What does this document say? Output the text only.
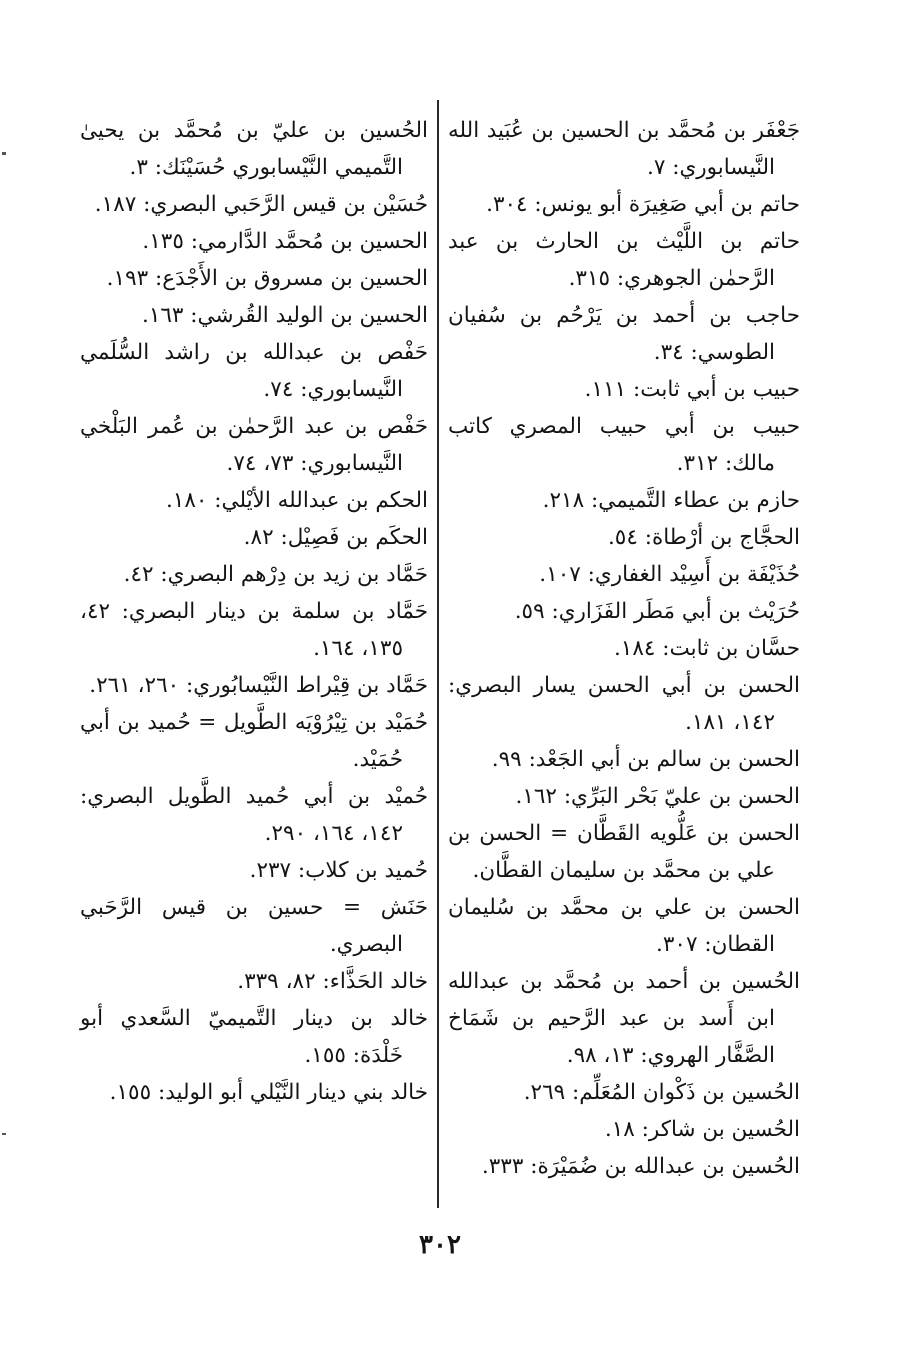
جَعْفَر بن مُحمَّد بن الحسين بن عُبَيد الله النَّيسابوري: ٧.

حاتم بن أبي صَغِيرَة أبو يونس: ٣٠٤.

حاتم بن اللَّيْث بن الحارث بن عبد الرَّحمٰن الجوهري: ٣١٥.

حاجب بن أحمد بن يَرْحُم بن سُفيان الطوسي: ٣٤.

حبيب بن أبي ثابت: ١١١.

حبيب بن أبي حبيب المصري كاتب مالك: ٣١٢.

حازم بن عطاء التَّميمي: ٢١٨.

الحجَّاج بن أرْطاة: ٥٤.

حُذَيْفَة بن أَسِيْد الغفاري: ١٠٧.

حُرَيْث بن أبي مَطَر الفَزَاري: ٥٩.

حسَّان بن ثابت: ١٨٤.

الحسن بن أبي الحسن يسار البصري: ١٤٢، ١٨١.

الحسن بن سالم بن أبي الجَعْد: ٩٩.

الحسن بن عليّ بَحْر البَرِّي: ١٦٢.

الحسن بن عَلُّويه القَطَّان = الحسن بن علي بن محمَّد بن سليمان القطَّان.

الحسن بن علي بن محمَّد بن سُليمان القطان: ٣٠٧.

الحُسين بن أحمد بن مُحمَّد بن عبدالله ابن أَسد بن عبد الرَّحيم بن شَمَاخ الصَّفَّار الهروي: ١٣، ٩٨.

الحُسين بن ذَكْوان المُعَلِّم: ٢٦٩.

الحُسين بن شاكر: ١٨.

الحُسين بن عبدالله بن ضُمَيْرَة: ٣٣٣.

الحُسين بن عليّ بن مُحمَّد بن يحيىٰ التَّميمي النَّيْسابوري حُسَيْنَك: ٣.

حُسَيْن بن قيس الرَّحَبي البصري: ١٨٧.

الحسين بن مُحمَّد الدَّارمي: ١٣٥.

الحسين بن مسروق بن الأَجْدَع: ١٩٣.

الحسين بن الوليد القُرشي: ١٦٣.

حَفْص بن عبدالله بن راشد السُّلَمي النَّيسابوري: ٧٤.

حَفْص بن عبد الرَّحمٰن بن عُمر البَلْخي النَّيسابوري: ٧٣، ٧٤.

الحكم بن عبدالله الأيْلي: ١٨٠.

الحكَم بن فَصِيْل: ٨٢.

حَمَّاد بن زيد بن دِرْهم البصري: ٤٢.

حَمَّاد بن سلمة بن دينار البصري: ٤٢، ١٣٥، ١٦٤.

حَمَّاد بن قِيْراط النَّيْسابُوري: ٢٦٠، ٢٦١.

حُمَيْد بن تِيْرُوْيَه الطَّويل = حُميد بن أبي حُمَيْد.

حُميْد بن أبي حُميد الطَّويل البصري: ١٤٢، ١٦٤، ٢٩٠.

حُميد بن كلاب: ٢٣٧.

حَنَش = حسين بن قيس الرَّحَبي البصري.

خالد الحَذَّاء: ٨٢، ٣٣٩.

خالد بن دينار التَّميميّ السَّعدي أبو خَلْدَة: ١٥٥.

خالد بني دينار النَّيْلي أبو الوليد: ١٥٥.

٣٠٢
